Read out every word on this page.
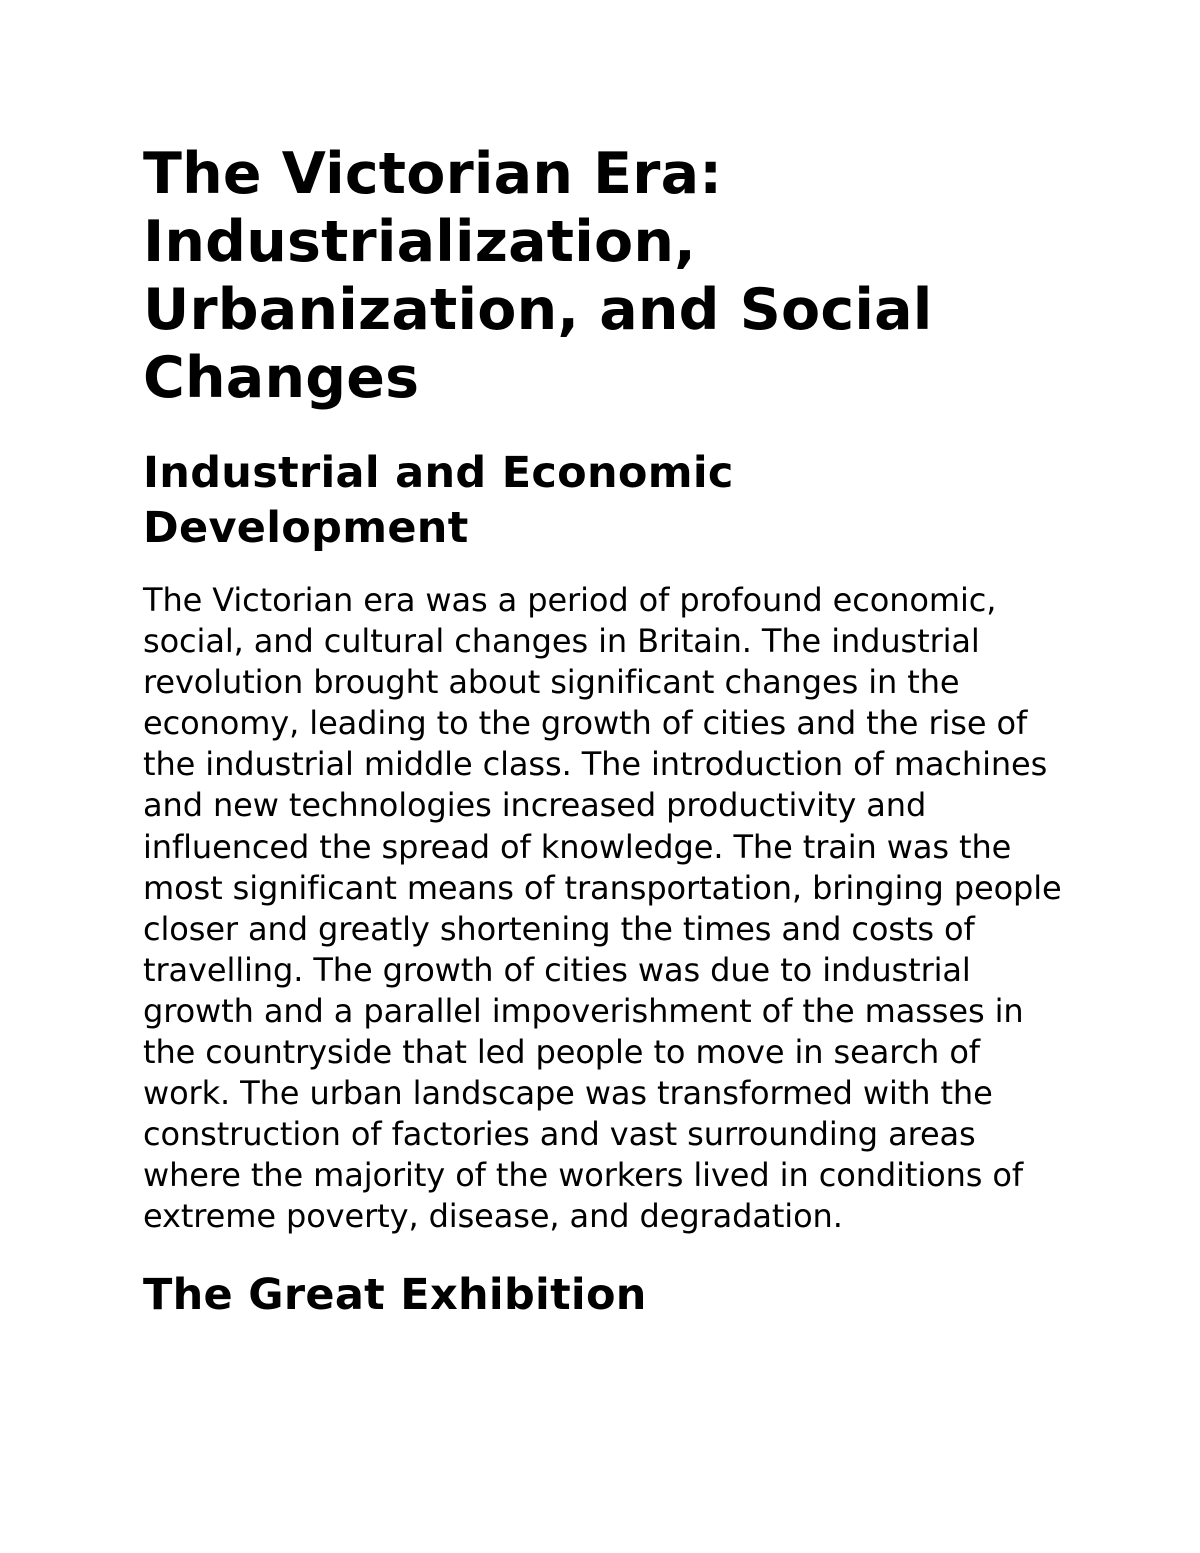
The Victorian Era: Industrialization, Urbanization, and Social Changes
Industrial and Economic Development

The Victorian era was a period of profound economic, social, and cultural changes in Britain. The industrial revolution brought about significant changes in the economy, leading to the growth of cities and the rise of the industrial middle class. The introduction of machines and new technologies increased productivity and influenced the spread of knowledge. The train was the most significant means of transportation, bringing people closer and greatly shortening the times and costs of travelling. The growth of cities was due to industrial growth and a parallel impoverishment of the masses in the countryside that led people to move in search of work. The urban landscape was transformed with the construction of factories and vast surrounding areas where the majority of the workers lived in conditions of extreme poverty, disease, and degradation.

The Great Exhibition
